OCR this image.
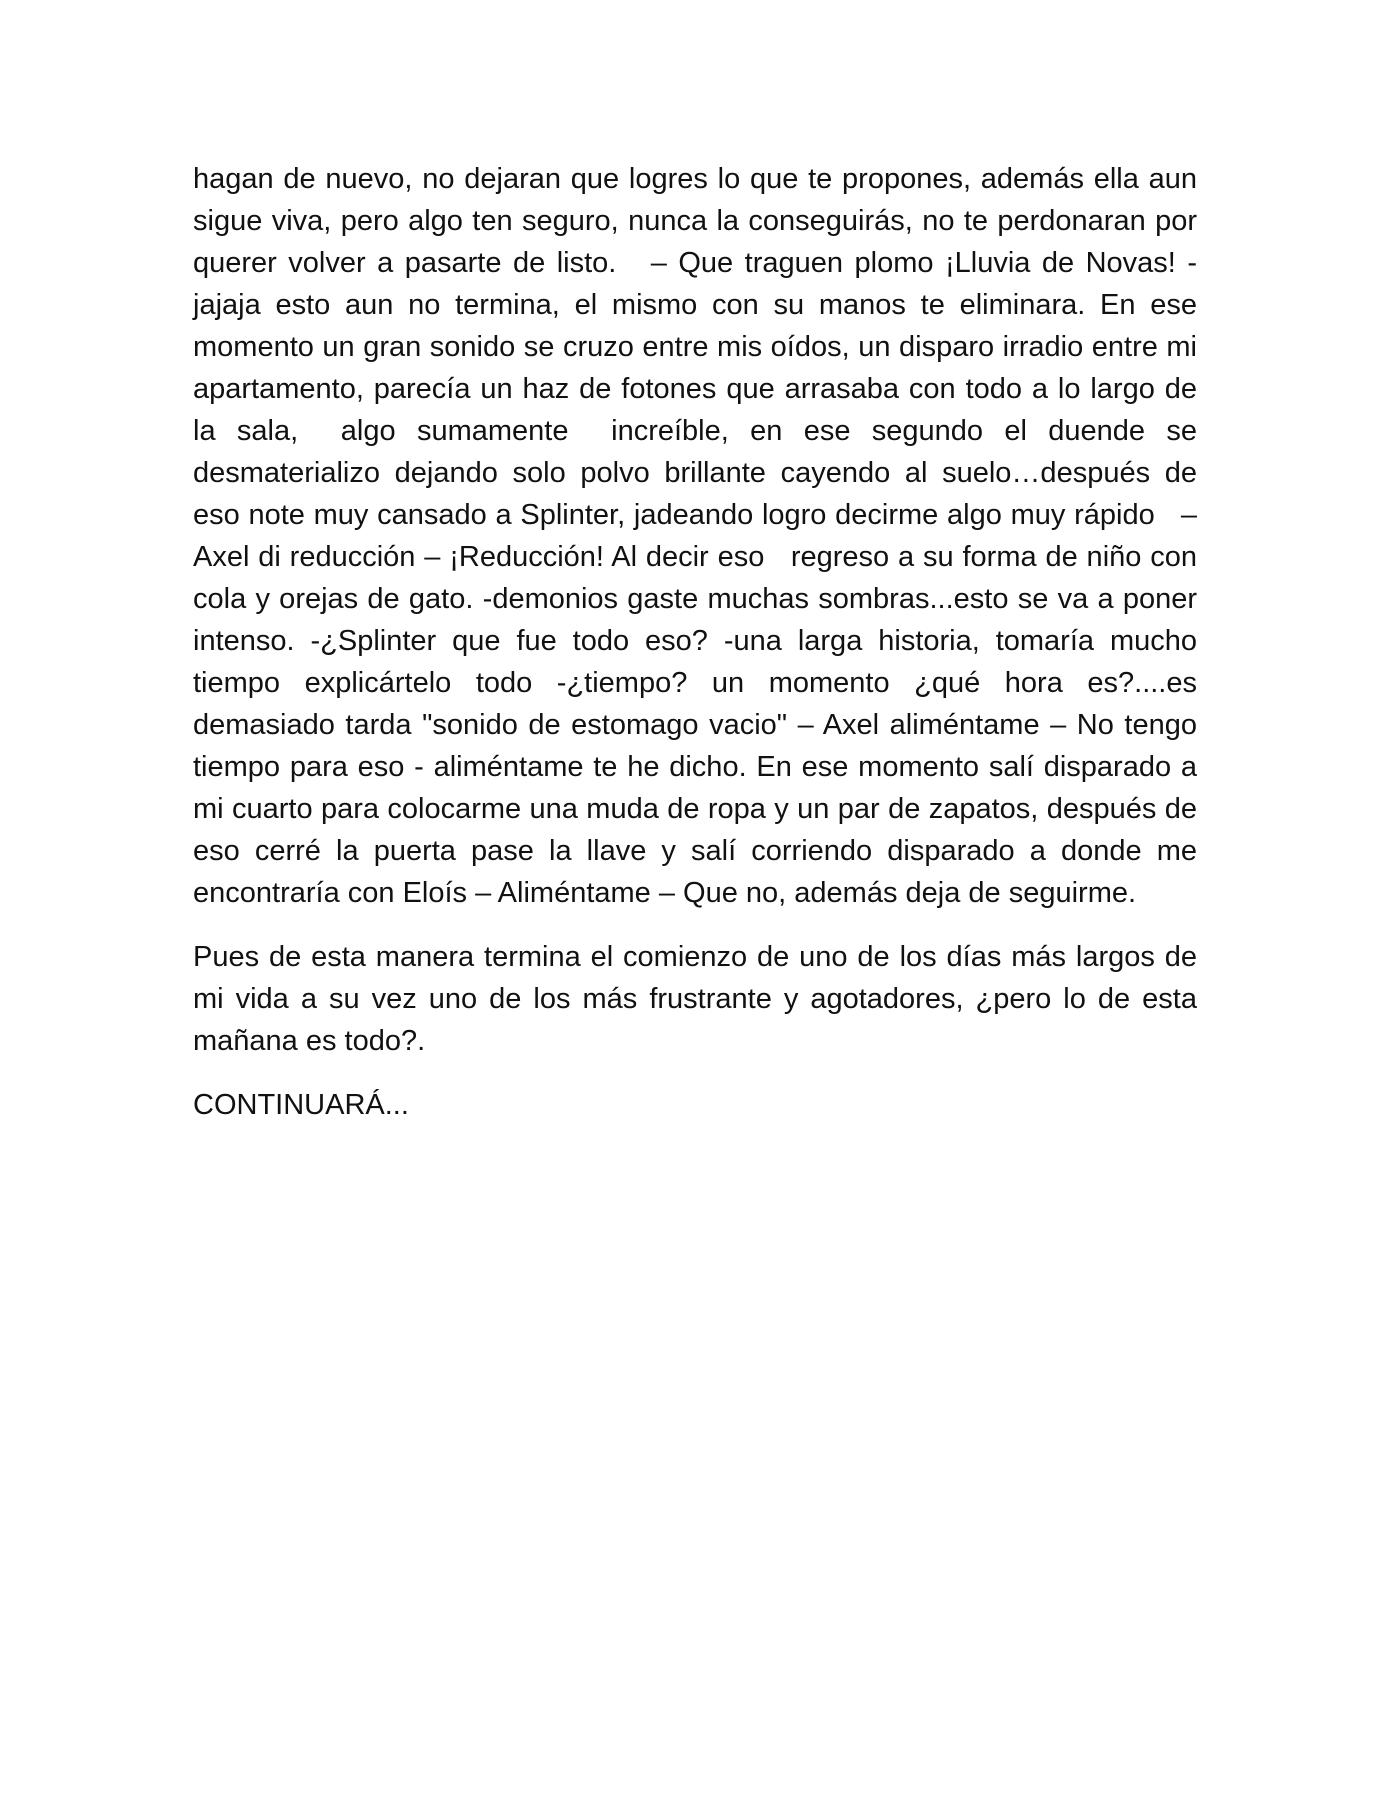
hagan de nuevo, no dejaran que logres lo que te propones, además ella aun sigue viva, pero algo ten seguro, nunca la conseguirás, no te perdonaran por querer volver a pasarte de listo.   – Que traguen plomo ¡Lluvia de Novas! -jajaja esto aun no termina, el mismo con su manos te eliminara. En ese momento un gran sonido se cruzo entre mis oídos, un disparo irradio entre mi apartamento, parecía un haz de fotones que arrasaba con todo a lo largo de la sala,  algo sumamente  increíble, en ese segundo el duende se desmaterializo dejando solo polvo brillante cayendo al suelo…después de eso note muy cansado a Splinter, jadeando logro decirme algo muy rápido   – Axel di reducción – ¡Reducción! Al decir eso   regreso a su forma de niño con cola y orejas de gato. -demonios gaste muchas sombras...esto se va a poner intenso. -¿Splinter que fue todo eso? -una larga historia, tomaría mucho tiempo explicártelo todo -¿tiempo? un momento ¿qué hora es?....es demasiado tarda "sonido de estomago vacio" – Axel aliméntame – No tengo tiempo para eso - aliméntame te he dicho. En ese momento salí disparado a mi cuarto para colocarme una muda de ropa y un par de zapatos, después de eso cerré la puerta pase la llave y salí corriendo disparado a donde me encontraría con Eloís – Aliméntame – Que no, además deja de seguirme.

Pues de esta manera termina el comienzo de uno de los días más largos de mi vida a su vez uno de los más frustrante y agotadores, ¿pero lo de esta mañana es todo?.

CONTINUARÁ...
